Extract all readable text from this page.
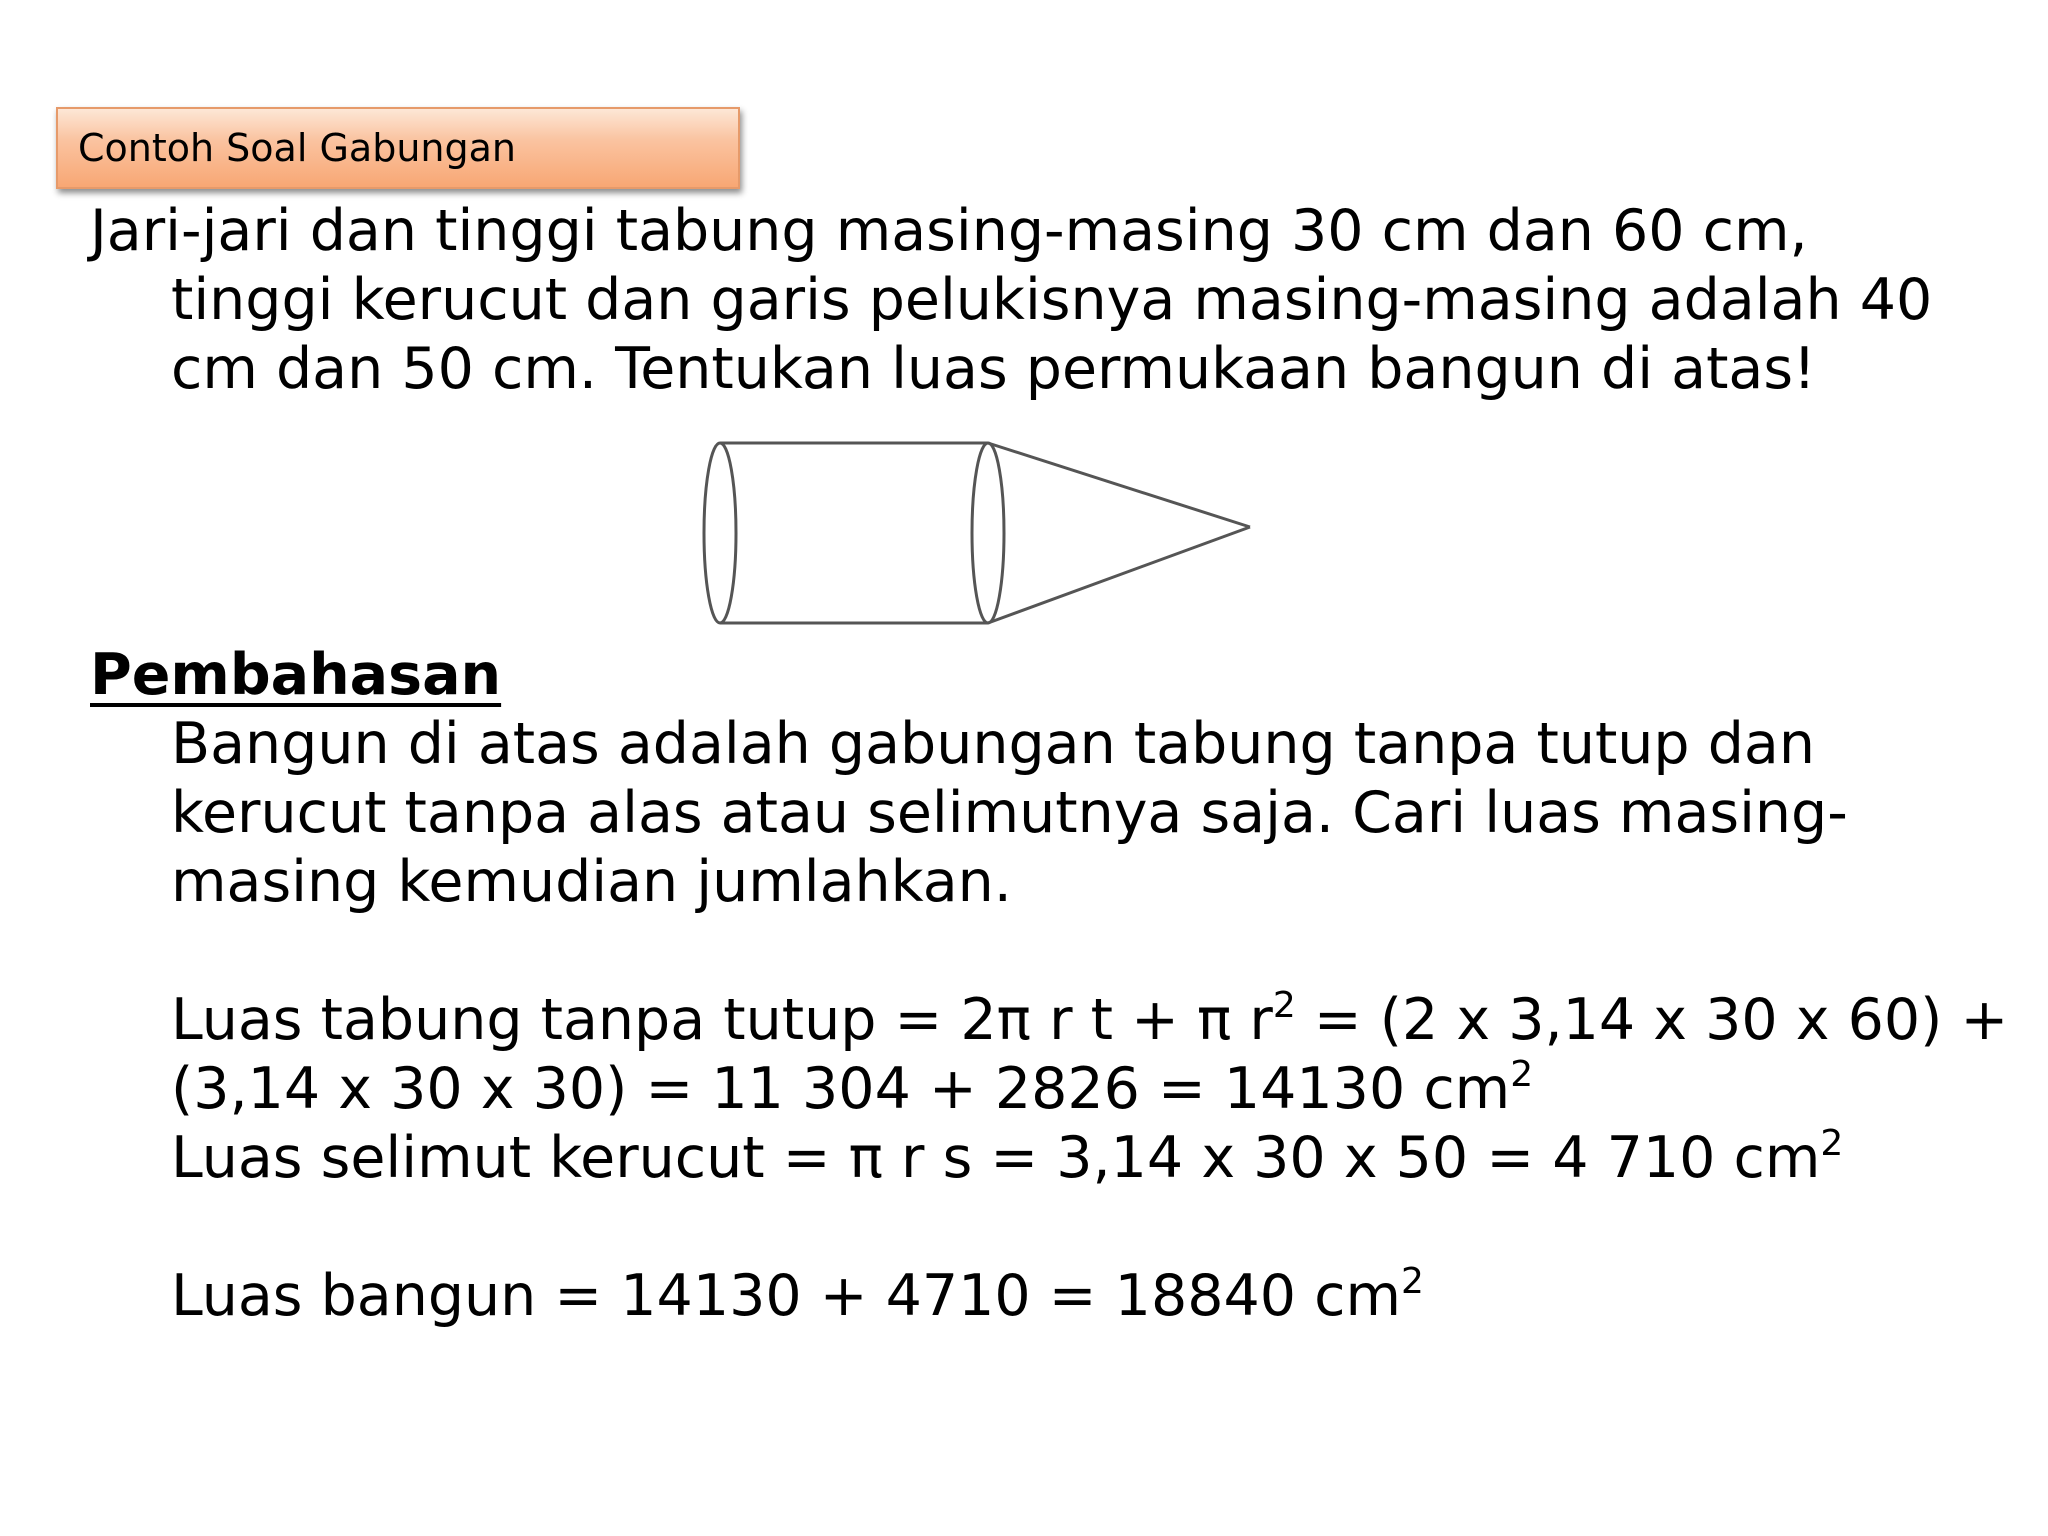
Contoh Soal Gabungan
Jari-jari dan tinggi tabung masing-masing 30 cm dan 60 cm,
tinggi kerucut dan garis pelukisnya masing-masing adalah 40
cm dan 50 cm. Tentukan luas permukaan bangun di atas!
Pembahasan
Bangun di atas adalah gabungan tabung tanpa tutup dan
kerucut tanpa alas atau selimutnya saja. Cari luas masing-
masing kemudian jumlahkan.
Luas tabung tanpa tutup = 2π r t + π $r^2 = (2$ x 3,14 x 30 x 60) +
(3,14 x 30 x 30) = 11 304 + 2826 = 14130 $cm^2$
Luas selimut kerucut = π r s = 3,14 x 30 x 50 = 4 710 $cm^2$
Luas bangun = 14130 + 4710 = 18840 $cm^2$
